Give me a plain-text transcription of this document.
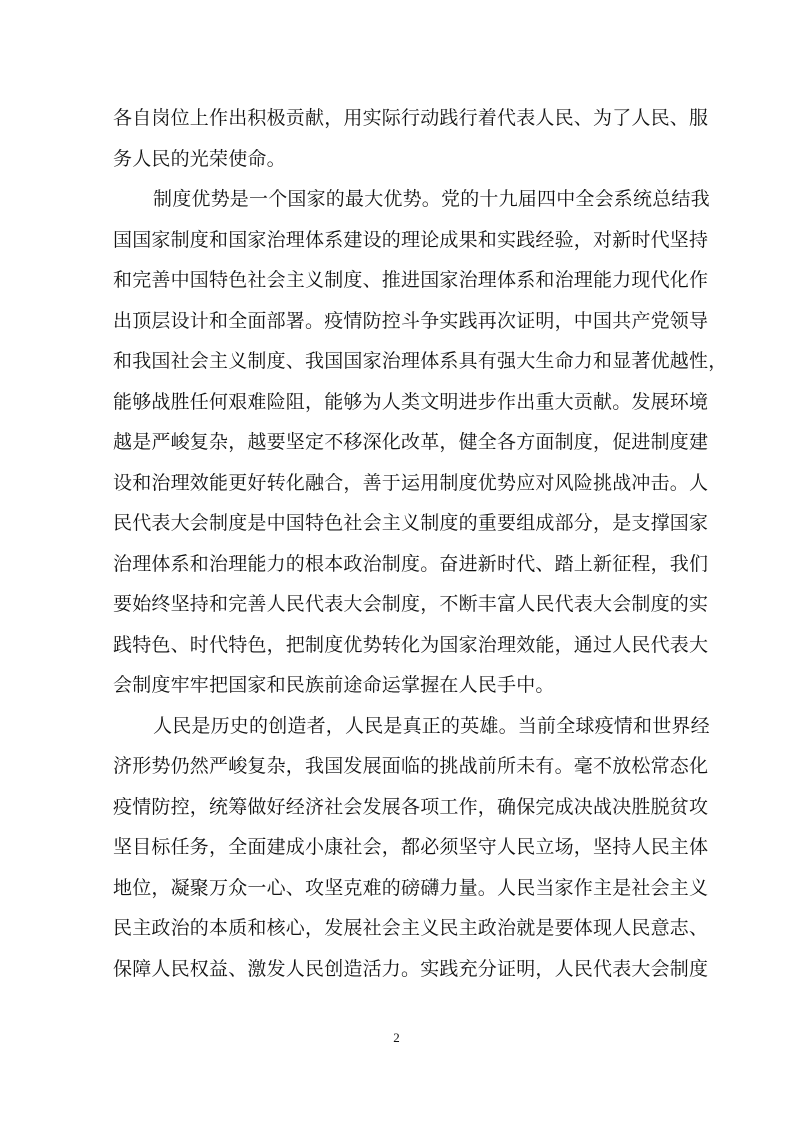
各自岗位上作出积极贡献，用实际行动践行着代表人民、为了人民、服
务人民的光荣使命。
制度优势是一个国家的最大优势。党的十九届四中全会系统总结我
国国家制度和国家治理体系建设的理论成果和实践经验，对新时代坚持
和完善中国特色社会主义制度、推进国家治理体系和治理能力现代化作
出顶层设计和全面部署。疫情防控斗争实践再次证明，中国共产党领导
和我国社会主义制度、我国国家治理体系具有强大生命力和显著优越性，
能够战胜任何艰难险阻，能够为人类文明进步作出重大贡献。发展环境
越是严峻复杂，越要坚定不移深化改革，健全各方面制度，促进制度建
设和治理效能更好转化融合，善于运用制度优势应对风险挑战冲击。人
民代表大会制度是中国特色社会主义制度的重要组成部分，是支撑国家
治理体系和治理能力的根本政治制度。奋进新时代、踏上新征程，我们
要始终坚持和完善人民代表大会制度，不断丰富人民代表大会制度的实
践特色、时代特色，把制度优势转化为国家治理效能，通过人民代表大
会制度牢牢把国家和民族前途命运掌握在人民手中。
人民是历史的创造者，人民是真正的英雄。当前全球疫情和世界经
济形势仍然严峻复杂，我国发展面临的挑战前所未有。毫不放松常态化
疫情防控，统筹做好经济社会发展各项工作，确保完成决战决胜脱贫攻
坚目标任务，全面建成小康社会，都必须坚守人民立场，坚持人民主体
地位，凝聚万众一心、攻坚克难的磅礴力量。人民当家作主是社会主义
民主政治的本质和核心，发展社会主义民主政治就是要体现人民意志、
保障人民权益、激发人民创造活力。实践充分证明，人民代表大会制度
2
